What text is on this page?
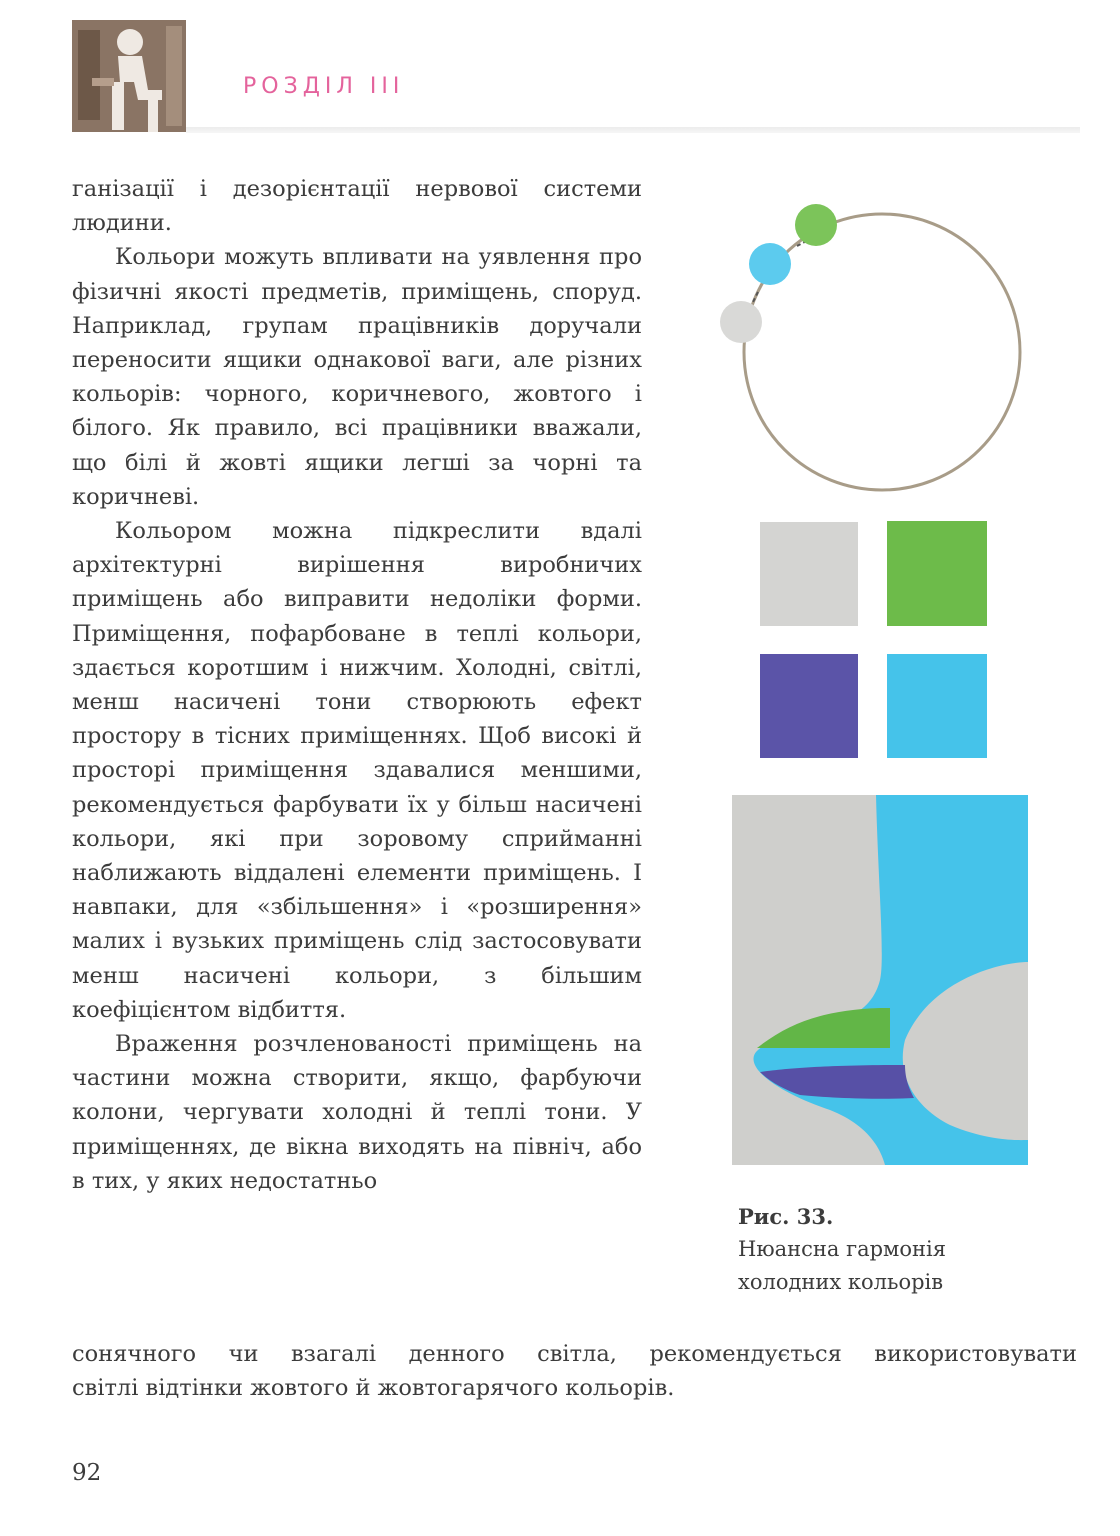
РОЗДІЛ III

ганізації і дезорієнтації нервової системи людини.

Кольори можуть впливати на уявлення про фізичні якості предметів, приміщень, споруд. Наприклад, групам працівників доручали переносити ящики однакової ваги, але різних кольорів: чорного, коричневого, жовтого і білого. Як правило, всі працівники вважали, що білі й жовті ящики легші за чорні та коричневі.

Кольором можна підкреслити вдалі архітектурні вирішення виробничих приміщень або виправити недоліки форми. Приміщення, пофарбоване в теплі кольори, здається коротшим і нижчим. Холодні, світлі, менш насичені тони створюють ефект простору в тісних приміщеннях. Щоб високі й просторі приміщення здавалися меншими, рекомендується фарбувати їх у більш насичені кольори, які при зоровому сприйманні наближають віддалені елементи приміщень. І навпаки, для «збільшення» і «розширення» малих і вузьких приміщень слід застосовувати менш насичені кольори, з більшим коефіцієнтом відбиття.

Враження розчленованості приміщень на частини можна створити, якщо, фарбуючи колони, чергувати холодні й теплі тони. У приміщеннях, де вікна виходять на північ, або в тих, у яких недостатньо

сонячного чи взагалі денного світла, рекомендується використовувати
світлі відтінки жовтого й жовтогарячого кольорів.
Рис. 33.
Нюансна гармонія
холодних кольорів
92
